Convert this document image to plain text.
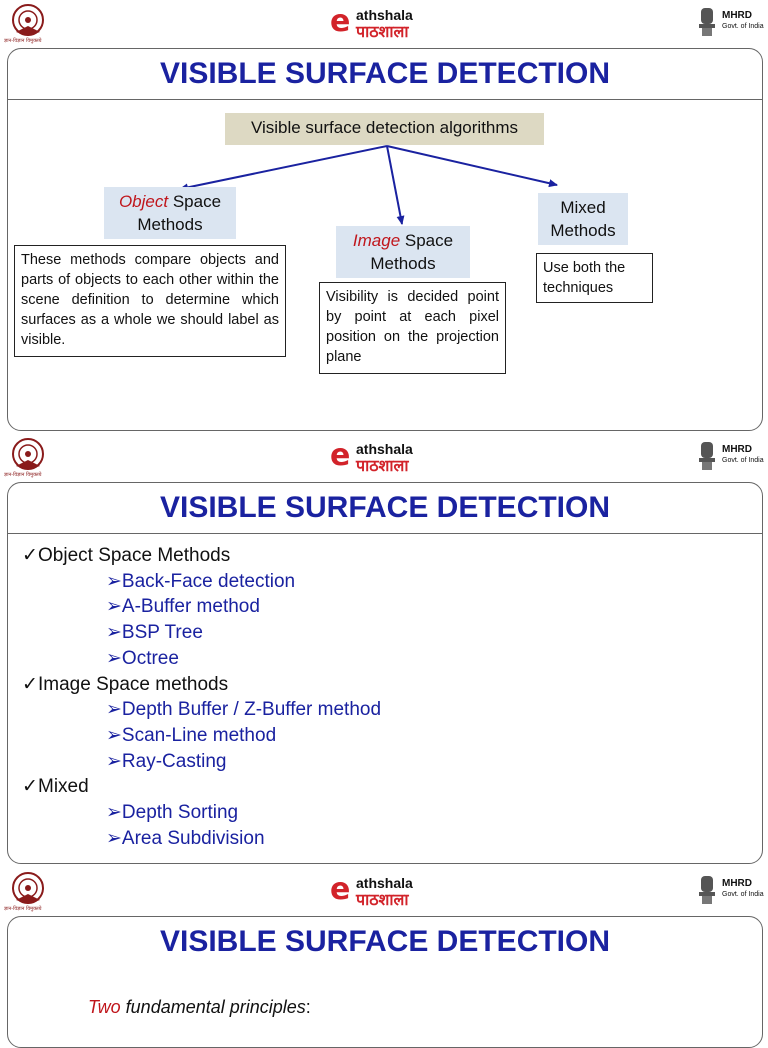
ज्ञान-विज्ञान विमुक्तये
e athshala
पाठशाला
MHRD
Govt. of India
VISIBLE SURFACE DETECTION
Visible surface detection algorithms
Object Space
Methods
These methods compare objects and parts of objects to each other within the scene definition to determine which surfaces as a whole we should label as visible.
Image Space
Methods
Visibility is decided point by point at each pixel position on the projection plane
Mixed
Methods
Use both the techniques
ज्ञान-विज्ञान विमुक्तये
e athshala
पाठशाला
MHRD
Govt. of India
VISIBLE SURFACE DETECTION
✓Object Space Methods
➢Back-Face detection
➢A-Buffer method
➢BSP Tree
➢Octree
✓Image Space methods
➢Depth Buffer / Z-Buffer method
➢Scan-Line method
➢Ray-Casting
✓Mixed
➢Depth Sorting
➢Area Subdivision
ज्ञान-विज्ञान विमुक्तये
e athshala
पाठशाला
MHRD
Govt. of India
VISIBLE SURFACE DETECTION
Two fundamental principles:
